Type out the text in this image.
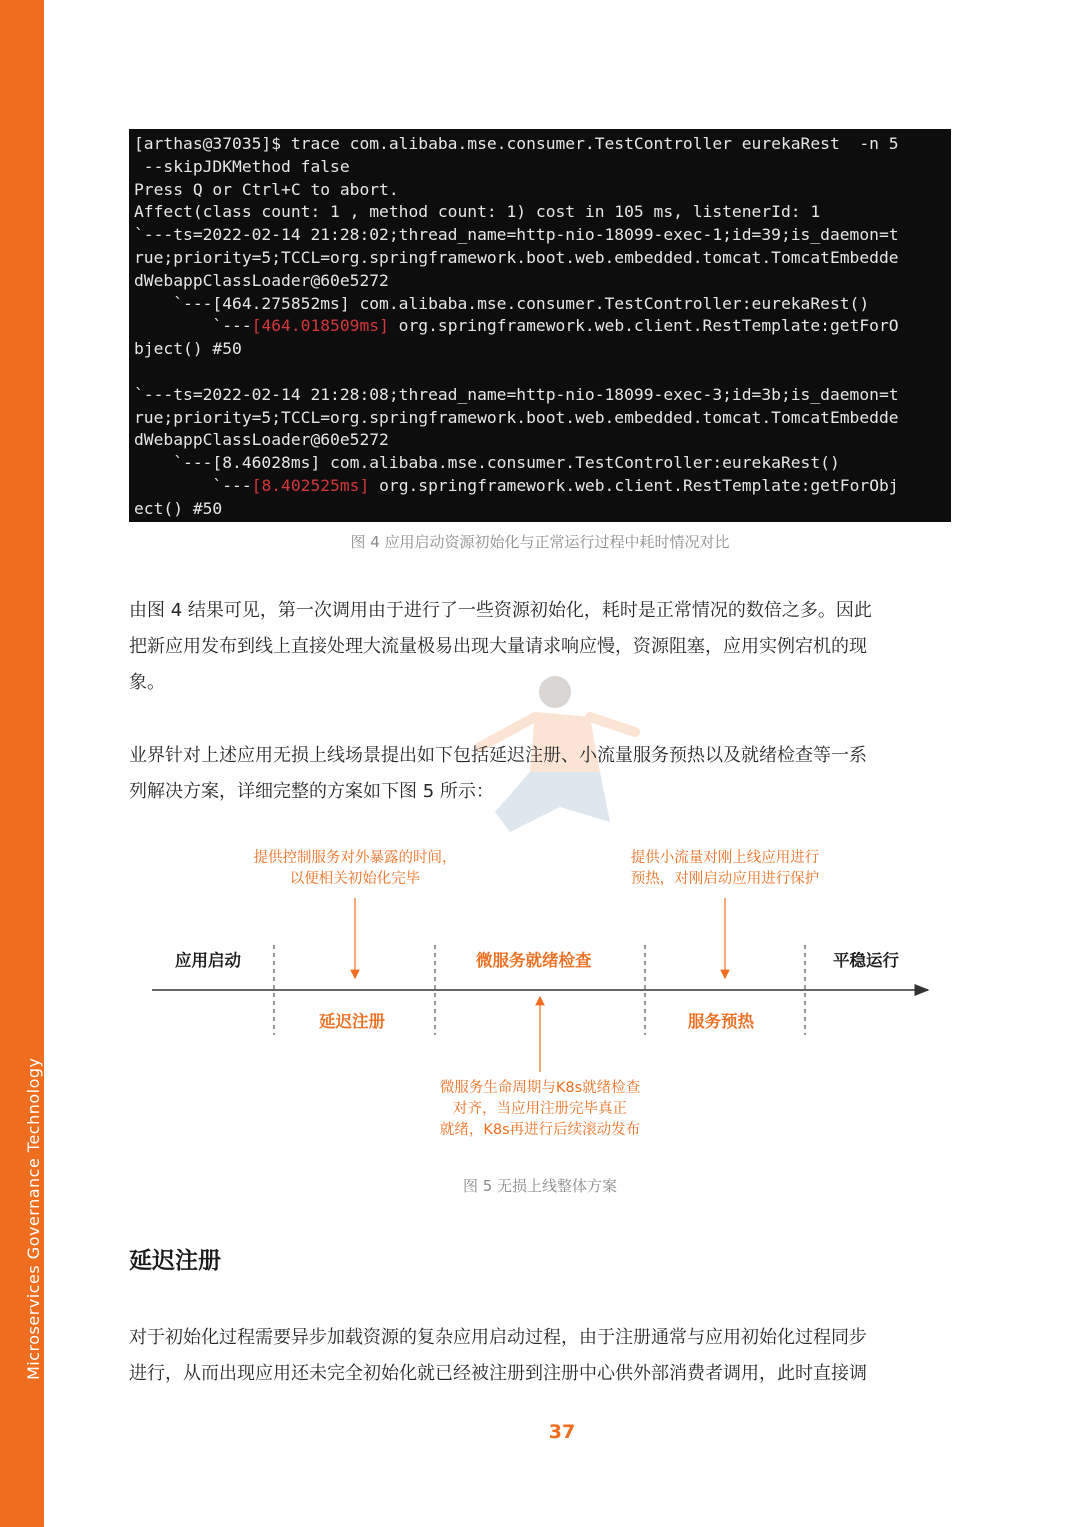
Microservices Governance Technology
[arthas@37035]$ trace com.alibaba.mse.consumer.TestController eurekaRest  -n 5
--skipJDKMethod false
Press Q or Ctrl+C to abort.
Affect(class count: 1 , method count: 1) cost in 105 ms, listenerId: 1
`---ts=2022-02-14 21:28:02;thread_name=http-nio-18099-exec-1;id=39;is_daemon=t
rue;priority=5;TCCL=org.springframework.boot.web.embedded.tomcat.TomcatEmbedde
dWebappClassLoader@60e5272
`---[464.275852ms] com.alibaba.mse.consumer.TestController:eurekaRest()
`---[464.018509ms] org.springframework.web.client.RestTemplate:getForO
bject() #50

`---ts=2022-02-14 21:28:08;thread_name=http-nio-18099-exec-3;id=3b;is_daemon=t
rue;priority=5;TCCL=org.springframework.boot.web.embedded.tomcat.TomcatEmbedde
dWebappClassLoader@60e5272
`---[8.46028ms] com.alibaba.mse.consumer.TestController:eurekaRest()
`---[8.402525ms] org.springframework.web.client.RestTemplate:getForObj
ect() #50
图 4 应用启动资源初始化与正常运行过程中耗时情况对比

由图 4 结果可见，第一次调用由于进行了一些资源初始化，耗时是正常情况的数倍之多。因此
把新应用发布到线上直接处理大流量极易出现大量请求响应慢，资源阻塞，应用实例宕机的现
象。

业界针对上述应用无损上线场景提出如下包括延迟注册、小流量服务预热以及就绪检查等一系
列解决方案，详细完整的方案如下图 5 所示：

提供控制服务对外暴露的时间，
以便相关初始化完毕
提供小流量对刚上线应用进行
预热，对刚启动应用进行保护
应用启动	微服务就绪检查	平稳运行
延迟注册	服务预热
微服务生命周期与K8s就绪检查
对齐，当应用注册完毕真正
就绪，K8s再进行后续滚动发布
图 5 无损上线整体方案
延迟注册

对于初始化过程需要异步加载资源的复杂应用启动过程，由于注册通常与应用初始化过程同步
进行，从而出现应用还未完全初始化就已经被注册到注册中心供外部消费者调用，此时直接调

37
